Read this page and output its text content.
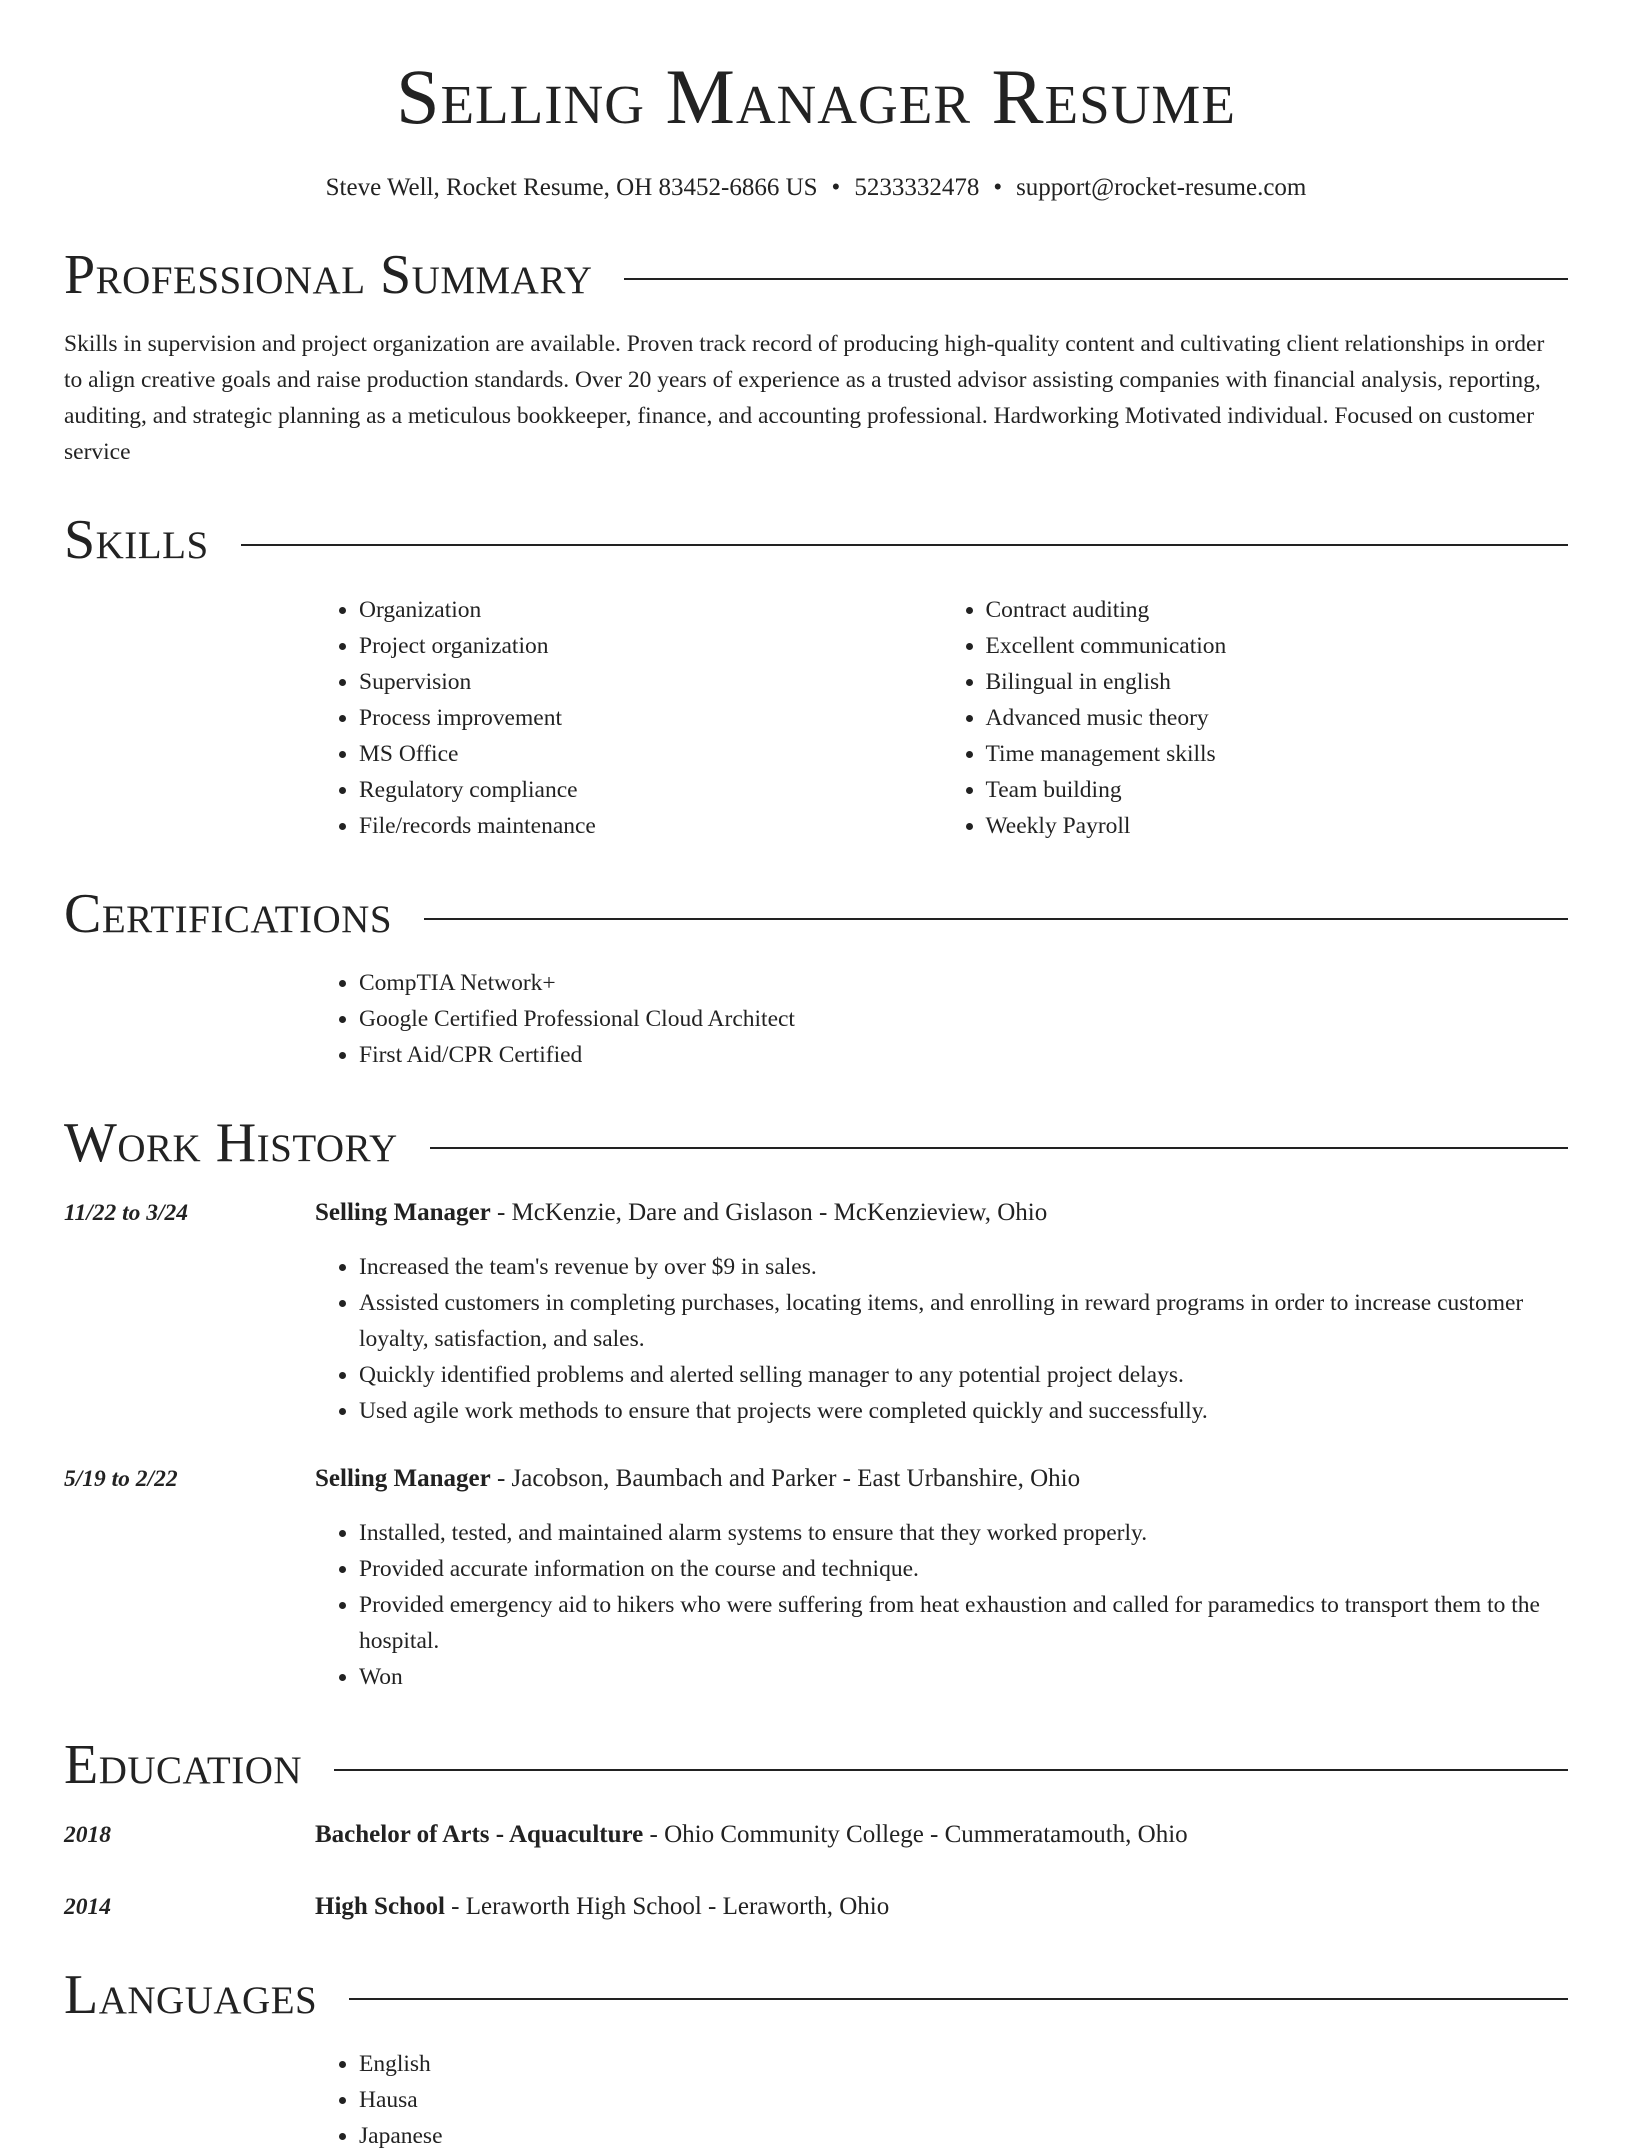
Selling Manager Resume
Steve Well, Rocket Resume, OH 83452-6866 US • 5233332478 • support@rocket-resume.com
Professional Summary

Skills in supervision and project organization are available. Proven track record of producing high-quality content and cultivating client relationships in order to align creative goals and raise production standards. Over 20 years of experience as a trusted advisor assisting companies with financial analysis, reporting, auditing, and strategic planning as a meticulous bookkeeper, finance, and accounting professional. Hardworking Motivated individual. Focused on customer service

Skills
• Organization
• Project organization
• Supervision
• Process improvement
• MS Office
• Regulatory compliance
• File/records maintenance
• Contract auditing
• Excellent communication
• Bilingual in english
• Advanced music theory
• Time management skills
• Team building
• Weekly Payroll
Certifications
• CompTIA Network+
• Google Certified Professional Cloud Architect
• First Aid/CPR Certified
Work History
11/22 to 3/24	Selling Manager - McKenzie, Dare and Gislason - McKenzieview, Ohio
• Increased the team's revenue by over $9 in sales.
• Assisted customers in completing purchases, locating items, and enrolling in reward programs in order to increase customer loyalty, satisfaction, and sales.
• Quickly identified problems and alerted selling manager to any potential project delays.
• Used agile work methods to ensure that projects were completed quickly and successfully.
5/19 to 2/22	Selling Manager - Jacobson, Baumbach and Parker - East Urbanshire, Ohio
• Installed, tested, and maintained alarm systems to ensure that they worked properly.
• Provided accurate information on the course and technique.
• Provided emergency aid to hikers who were suffering from heat exhaustion and called for paramedics to transport them to the hospital.
• Won
Education
2018	Bachelor of Arts - Aquaculture - Ohio Community College - Cummeratamouth, Ohio
2014	High School - Leraworth High School - Leraworth, Ohio
Languages
• English
• Hausa
• Japanese
